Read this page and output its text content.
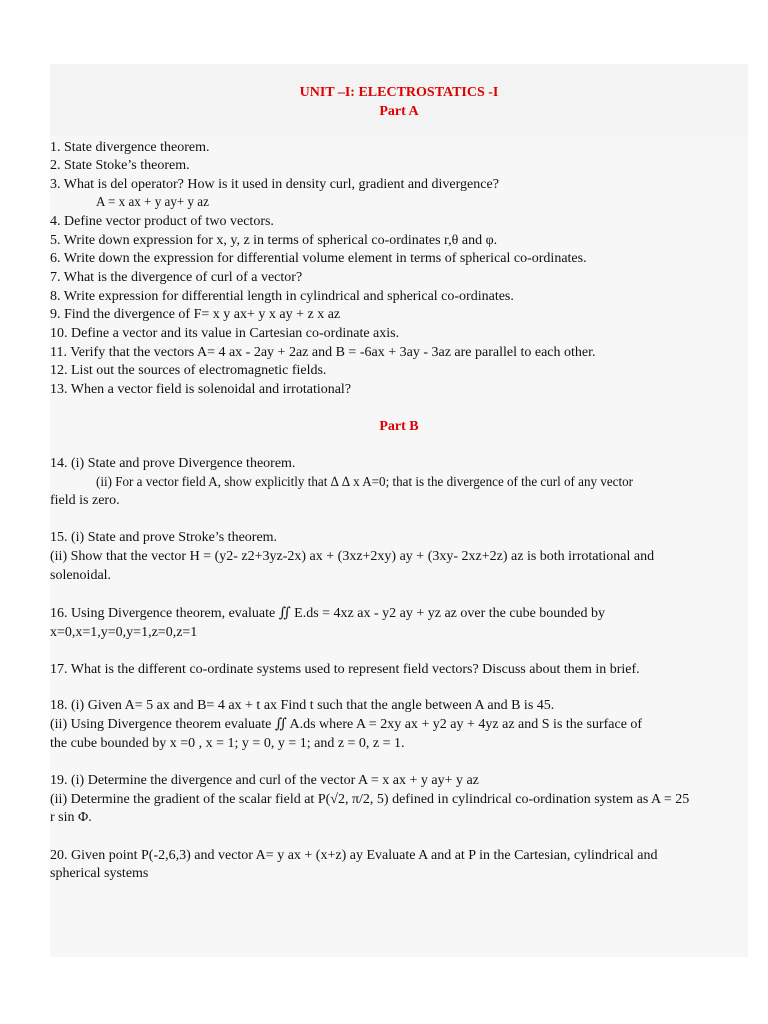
UNIT –I: ELECTROSTATICS -I
Part A
1. State divergence theorem.
2. State Stoke’s theorem.
3. What is del operator? How is it used in density curl, gradient and divergence?
A = x ax + y ay+ y az
4. Define vector product of two vectors.
5. Write down expression for x, y, z in terms of spherical co-ordinates r,θ and φ.
6. Write down the expression for differential volume element in terms of spherical co-ordinates.
7. What is the divergence of curl of a vector?
8. Write expression for differential length in cylindrical and spherical co-ordinates.
9. Find the divergence of F= x y ax+ y x ay + z x az
10. Define a vector and its value in Cartesian co-ordinate axis.
11. Verify that the vectors A= 4 ax - 2ay + 2az and B = -6ax + 3ay - 3az are parallel to each other.
12. List out the sources of electromagnetic fields.
13. When a vector field is solenoidal and irrotational?
Part B
14. (i) State and prove Divergence theorem.
(ii) For a vector field A, show explicitly that ∆ ∆ x A=0; that is the divergence of the curl of any vector
field is zero.
15. (i) State and prove Stroke’s theorem.
(ii) Show that the vector H = (y2- z2+3yz-2x) ax + (3xz+2xy) ay + (3xy- 2xz+2z) az is both irrotational and
solenoidal.
16. Using Divergence theorem, evaluate ∬ E.ds = 4xz ax - y2 ay + yz az over the cube bounded by
x=0,x=1,y=0,y=1,z=0,z=1
17. What is the different co-ordinate systems used to represent field vectors? Discuss about them in brief.
18. (i) Given A= 5 ax and B= 4 ax + t ax Find t such that the angle between A and B is 45.
(ii) Using Divergence theorem evaluate ∬ A.ds where A = 2xy ax + y2 ay + 4yz az and S is the surface of
the cube bounded by x =0 , x = 1; y = 0, y = 1; and z = 0, z = 1.
19. (i) Determine the divergence and curl of the vector A = x ax + y ay+ y az
(ii) Determine the gradient of the scalar field at P(√2, π/2, 5) defined in cylindrical co-ordination system as A = 25
r sin Φ.
20. Given point P(-2,6,3) and vector A= y ax + (x+z) ay Evaluate A and at P in the Cartesian, cylindrical and
spherical systems
